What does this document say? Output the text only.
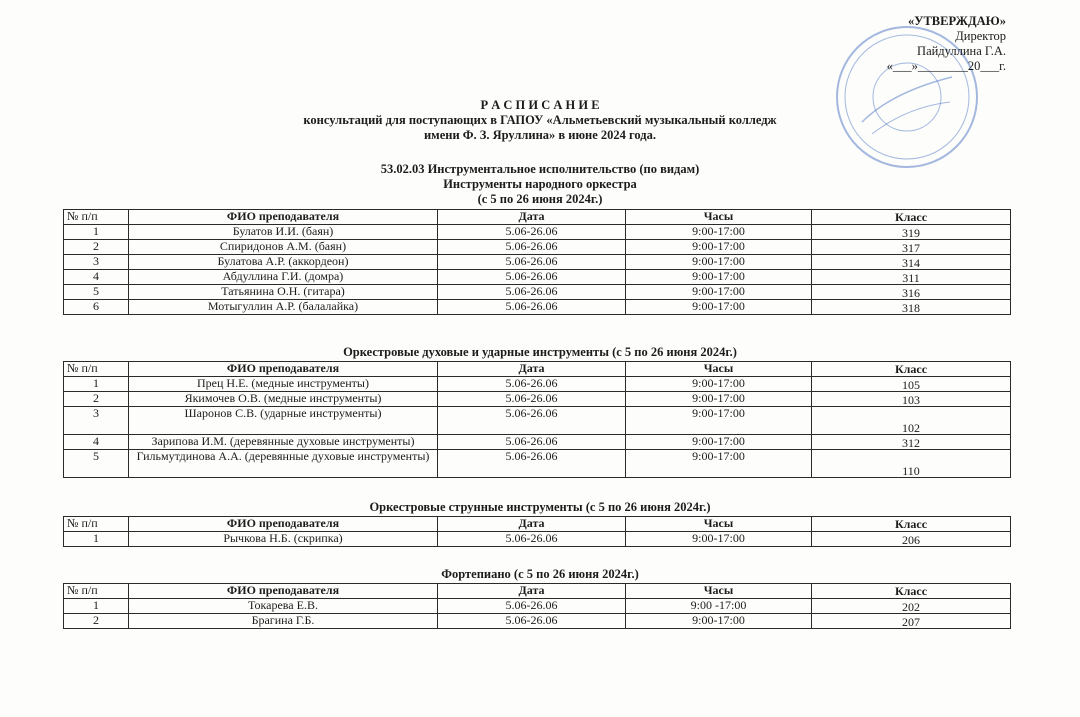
«УТВЕРЖДАЮ»
Директор
Пайдуллина Г.А.
«___»________20___г.
Р А С П И С А Н И Е
консультаций для поступающих в ГАПОУ «Альметьевский музыкальный колледж
имени Ф. З. Яруллина» в июне 2024 года.
53.02.03 Инструментальное исполнительство (по видам)
Инструменты народного оркестра
(с 5 по 26 июня 2024г.)
№ п/п	ФИО преподавателя	Дата	Часы	Класс
1	Булатов И.И. (баян)	5.06-26.06	9:00-17:00	319
2	Спиридонов А.М. (баян)	5.06-26.06	9:00-17:00	317
3	Булатова А.Р. (аккордеон)	5.06-26.06	9:00-17:00	314
4	Абдуллина Г.И. (домра)	5.06-26.06	9:00-17:00	311
5	Татьянина О.Н. (гитара)	5.06-26.06	9:00-17:00	316
6	Мотыгуллин А.Р. (балалайка)	5.06-26.06	9:00-17:00	318
Оркестровые духовые и ударные инструменты (с 5 по 26 июня 2024г.)
№ п/п	ФИО преподавателя	Дата	Часы	Класс
1	Прец Н.Е. (медные инструменты)	5.06-26.06	9:00-17:00	105
2	Якимочев О.В. (медные инструменты)	5.06-26.06	9:00-17:00	103
3	Шаронов С.В. (ударные инструменты)	5.06-26.06	9:00-17:00	102
4	Зарипова И.М. (деревянные духовые инструменты)	5.06-26.06	9:00-17:00	312
5	Гильмутдинова А.А. (деревянные духовые инструменты)	5.06-26.06	9:00-17:00	110
Оркестровые струнные инструменты (с 5 по 26 июня 2024г.)
№ п/п	ФИО преподавателя	Дата	Часы	Класс
1	Рычкова Н.Б. (скрипка)	5.06-26.06	9:00-17:00	206
Фортепиано (с 5 по 26 июня 2024г.)
№ п/п	ФИО преподавателя	Дата	Часы	Класс
1	Токарева Е.В.	5.06-26.06	9:00 -17:00	202
2	Брагина Г.Б.	5.06-26.06	9:00-17:00	207
